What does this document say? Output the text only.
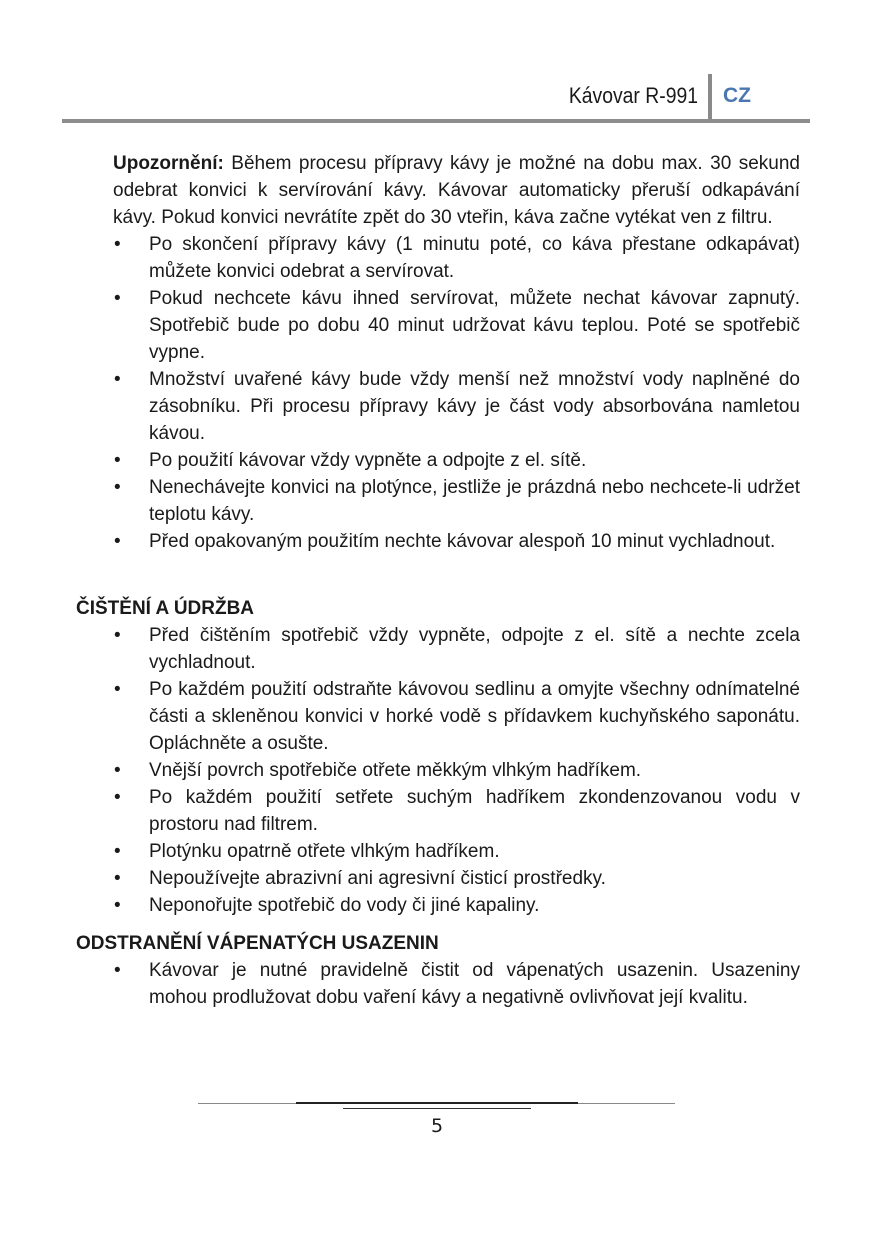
Kávovar R-991 CZ

Upozornění: Během procesu přípravy kávy je možné na dobu max. 30 sekund odebrat konvici k servírování kávy. Kávovar automaticky přeruší odkapávání kávy. Pokud konvici nevrátíte zpět do 30 vteřin, káva začne vytékat ven z filtru.

• Po skončení přípravy kávy (1 minutu poté, co káva přestane odkapávat) můžete konvici odebrat a servírovat.
• Pokud nechcete kávu ihned servírovat, můžete nechat kávovar zapnutý. Spotřebič bude po dobu 40 minut udržovat kávu teplou. Poté se spotřebič vypne.
• Množství uvařené kávy bude vždy menší než množství vody naplněné do zásobníku. Při procesu přípravy kávy je část vody absorbována namletou kávou.
• Po použití kávovar vždy vypněte a odpojte z el. sítě.
• Nenechávejte konvici na plotýnce, jestliže je prázdná nebo nechcete-li udržet teplotu kávy.
• Před opakovaným použitím nechte kávovar alespoň 10 minut vychladnout.
ČIŠTĚNÍ A ÚDRŽBA
• Před čištěním spotřebič vždy vypněte, odpojte z el. sítě a nechte zcela vychladnout.
• Po každém použití odstraňte kávovou sedlinu a omyjte všechny odnímatelné části a skleněnou konvici v horké vodě s přídavkem kuchyňského saponátu. Opláchněte a osušte.
• Vnější povrch spotřebiče otřete měkkým vlhkým hadříkem.
• Po každém použití setřete suchým hadříkem zkondenzovanou vodu v prostoru nad filtrem.
• Plotýnku opatrně otřete vlhkým hadříkem.
• Nepoužívejte abrazivní ani agresivní čisticí prostředky.
• Neponořujte spotřebič do vody či jiné kapaliny.
ODSTRANĚNÍ VÁPENATÝCH USAZENIN
• Kávovar je nutné pravidelně čistit od vápenatých usazenin. Usazeniny mohou prodlužovat dobu vaření kávy a negativně ovlivňovat její kvalitu.
5
